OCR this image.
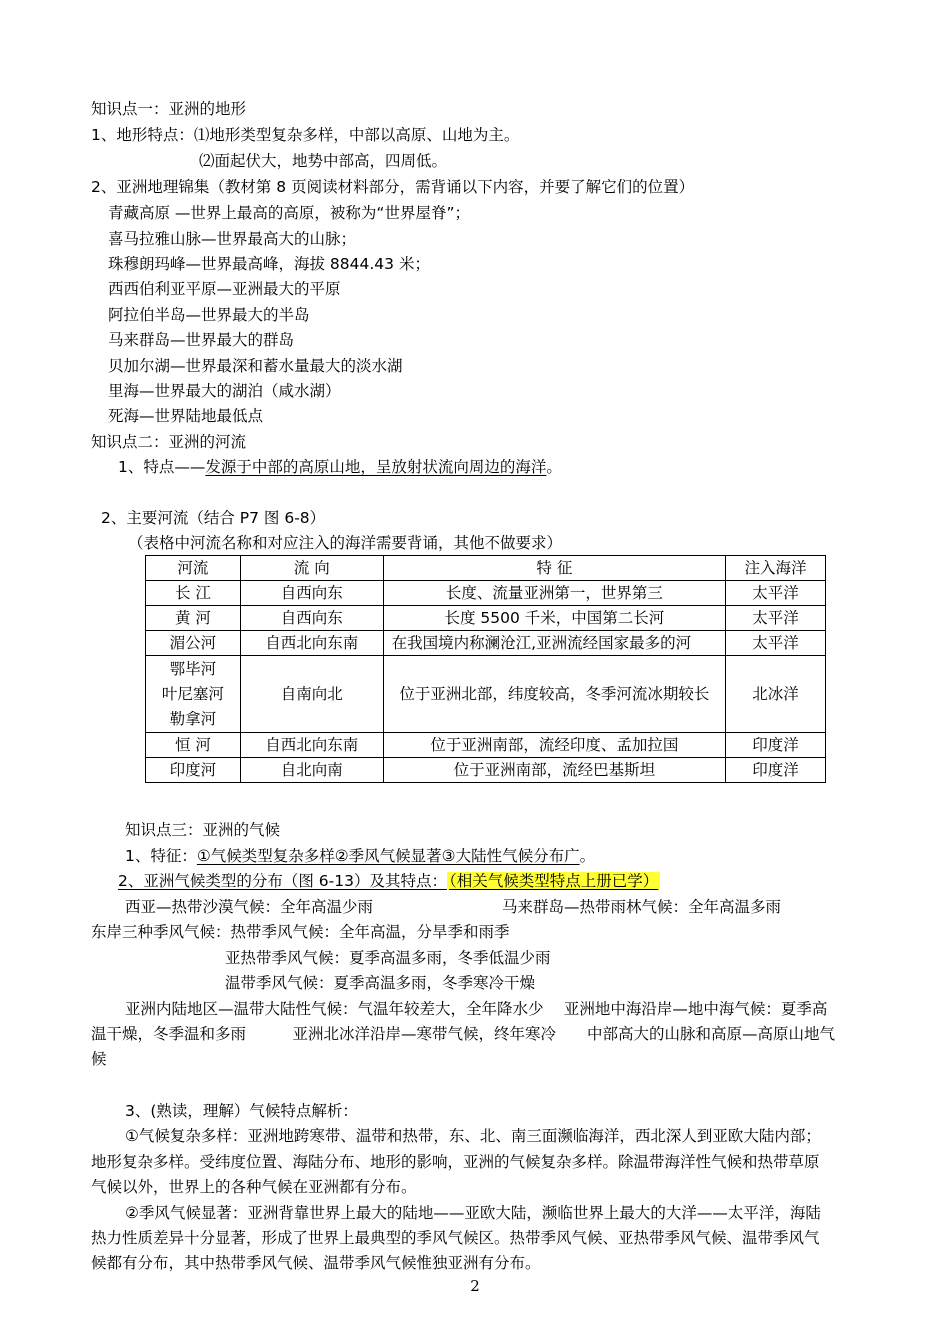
知识点一：亚洲的地形
1、地形特点：⑴地形类型复杂多样，中部以高原、山地为主。
⑵面起伏大，地势中部高，四周低。
2、亚洲地理锦集（教材第 8 页阅读材料部分，需背诵以下内容，并要了解它们的位置）
青藏高原 —世界上最高的高原，被称为“世界屋脊”；
喜马拉雅山脉—世界最高大的山脉；
珠穆朗玛峰—世界最高峰，海拔 8844.43 米；
西西伯利亚平原—亚洲最大的平原
阿拉伯半岛—世界最大的半岛
马来群岛—世界最大的群岛
贝加尔湖—世界最深和蓄水量最大的淡水湖
里海—世界最大的湖泊（咸水湖）
死海—世界陆地最低点
知识点二：亚洲的河流
1、特点——发源于中部的高原山地，呈放射状流向周边的海洋。
2、主要河流（结合 P7 图 6-8）
（表格中河流名称和对应注入的海洋需要背诵，其他不做要求）
河流	流 向	特 征	注入海洋
长 江	自西向东	长度、流量亚洲第一，世界第三	太平洋
黄 河	自西向东	长度 5500 千米，中国第二长河	太平洋
湄公河	自西北向东南	在我国境内称澜沧江,亚洲流经国家最多的河	太平洋

鄂毕河
叶尼塞河
勒拿河	自南向北	位于亚洲北部，纬度较高，冬季河流冰期较长	北冰洋
恒 河	自西北向东南	位于亚洲南部，流经印度、孟加拉国	印度洋
印度河	自北向南	位于亚洲南部，流经巴基斯坦	印度洋
知识点三：亚洲的气候
1、特征：①气候类型复杂多样②季风气候显著③大陆性气候分布广。
2、亚洲气候类型的分布（图 6-13）及其特点： （相关气候类型特点上册已学）
西亚—热带沙漠气候：全年高温少雨	马来群岛—热带雨林气候：全年高温多雨
东岸三种季风气候：热带季风气候：全年高温，分旱季和雨季
亚热带季风气候：夏季高温多雨，冬季低温少雨
温带季风气候：夏季高温多雨，冬季寒冷干燥
亚洲内陆地区—温带大陆性气候：气温年较差大，全年降水少　 亚洲地中海沿岸—地中海气候：夏季高
温干燥，冬季温和多雨　　　亚洲北冰洋沿岸—寒带气候，终年寒冷　　中部高大的山脉和高原—高原山地气
候
3、(熟读，理解）气候特点解析：
①气候复杂多样：亚洲地跨寒带、温带和热带，东、北、南三面濒临海洋，西北深人到亚欧大陆内部；
地形复杂多样。受纬度位置、海陆分布、地形的影响，亚洲的气候复杂多样。除温带海洋性气候和热带草原
气候以外，世界上的各种气候在亚洲都有分布。
②季风气候显著：亚洲背靠世界上最大的陆地——亚欧大陆，濒临世界上最大的大洋——太平洋，海陆
热力性质差异十分显著，形成了世界上最典型的季风气候区。热带季风气候、亚热带季风气候、温带季风气
候都有分布，其中热带季风气候、温带季风气候惟独亚洲有分布。
2
